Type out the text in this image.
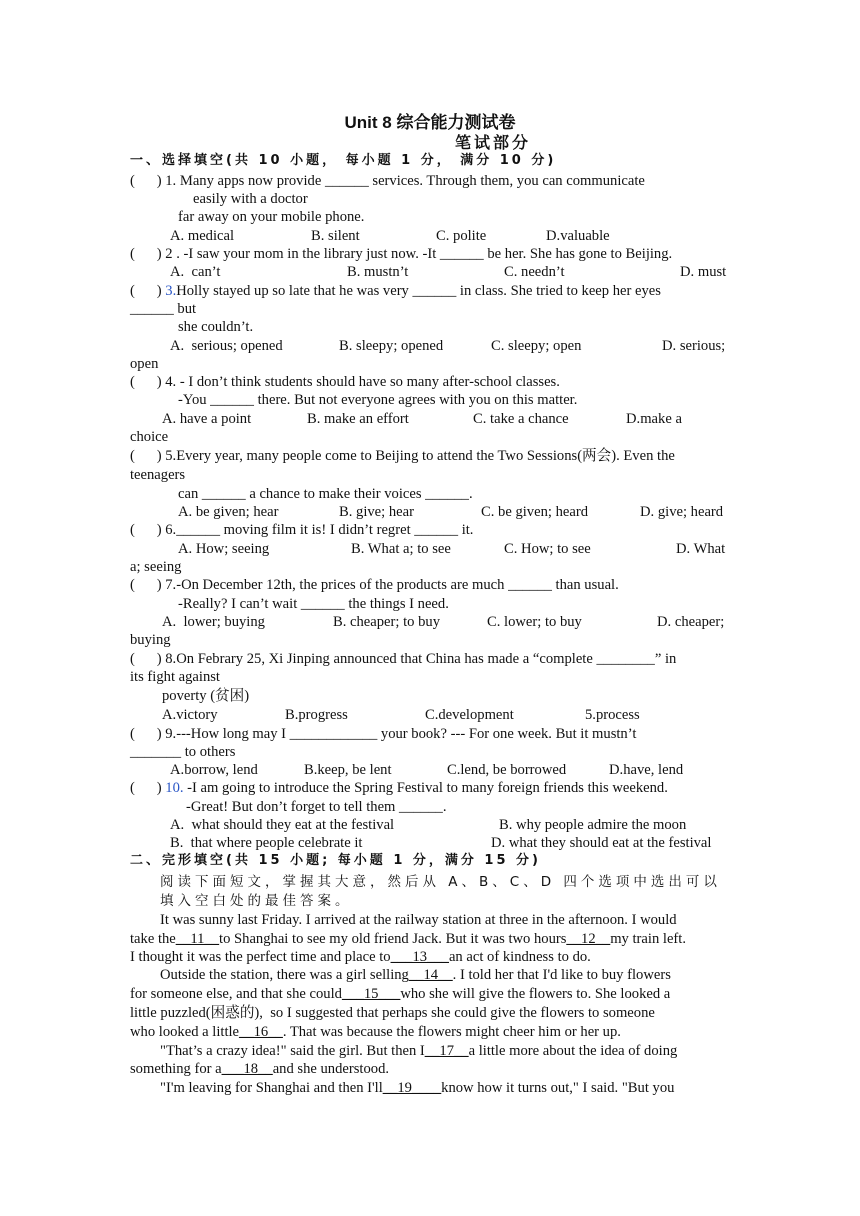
Unit 8 综合能力测试卷
笔试部分
一、选择填空(共 10 小题， 每小题 1 分， 满分 10 分)
(      ) 1. Many apps now provide ______ services. Through them, you can communicate
easily with a doctor
far away on your mobile phone.
A. medical	B. silent	C. polite	D.valuable
(      ) 2 . -I saw your mom in the library just now. -It ______ be her. She has gone to Beijing.
A.  can’t	B. mustn’t	C. needn’t	D. must
(      ) 3.Holly stayed up so late that he was very ______ in class. She tried to keep her eyes
______ but
she couldn’t.
A.  serious; opened	B. sleepy; opened	C. sleepy; open	D. serious;
open
(      ) 4. - I don’t think students should have so many after-school classes.
-You ______ there. But not everyone agrees with you on this matter.
A. have a point	B. make an effort	C. take a chance	D.make a
choice
(      ) 5.Every year, many people come to Beijing to attend the Two Sessions(两会). Even the
teenagers
can ______ a chance to make their voices ______.
A. be given; hear	B. give; hear	C. be given; heard	D. give; heard
(      ) 6.______ moving film it is! I didn’t regret ______ it.
A. How; seeing	B. What a; to see	C. How; to see	D. What
a; seeing
(      ) 7.-On December 12th, the prices of the products are much ______ than usual.
-Really? I can’t wait ______ the things I need.
A.  lower; buying	B. cheaper; to buy	C. lower; to buy	D. cheaper;
buying
(      ) 8.On Febrary 25, Xi Jinping announced that China has made a “complete ________” in
its fight against
poverty (贫困)
A.victory	B.progress	C.development	5.process
(      ) 9.---How long may I ____________ your book? --- For one week. But it mustn’t
_______ to others
A.borrow, lend	B.keep, be lent	C.lend, be borrowed	D.have, lend
(      ) 10. -I am going to introduce the Spring Festival to many foreign friends this weekend.
-Great! But don’t forget to tell them ______.
A.  what should they eat at the festival	B. why people admire the moon
B.  that where people celebrate it	D. what they should eat at the festival
二、完形填空(共 15 小题; 每小题 1 分，满分 15 分)
阅读下面短文，掌握其大意，然后从 A、B、C、D 四个选项中选出可以
填入空白处的最佳答案。
It was sunny last Friday. I arrived at the railway station at three in the afternoon. I would
take the__11__to Shanghai to see my old friend Jack. But it was two hours__12__my train left.
I thought it was the perfect time and place to___13___an act of kindness to do.
Outside the station, there was a girl selling__14__. I told her that I'd like to buy flowers
for someone else, and that she could___15___who she will give the flowers to. She looked a
little puzzled(困惑的),  so I suggested that perhaps she could give the flowers to someone
who looked a little__16__. That was because the flowers might cheer him or her up.
"That’s a crazy idea!" said the girl. But then I__17__a little more about the idea of doing
something for a___18__and she understood.
"I'm leaving for Shanghai and then I'll__19____know how it turns out," I said. "But you
